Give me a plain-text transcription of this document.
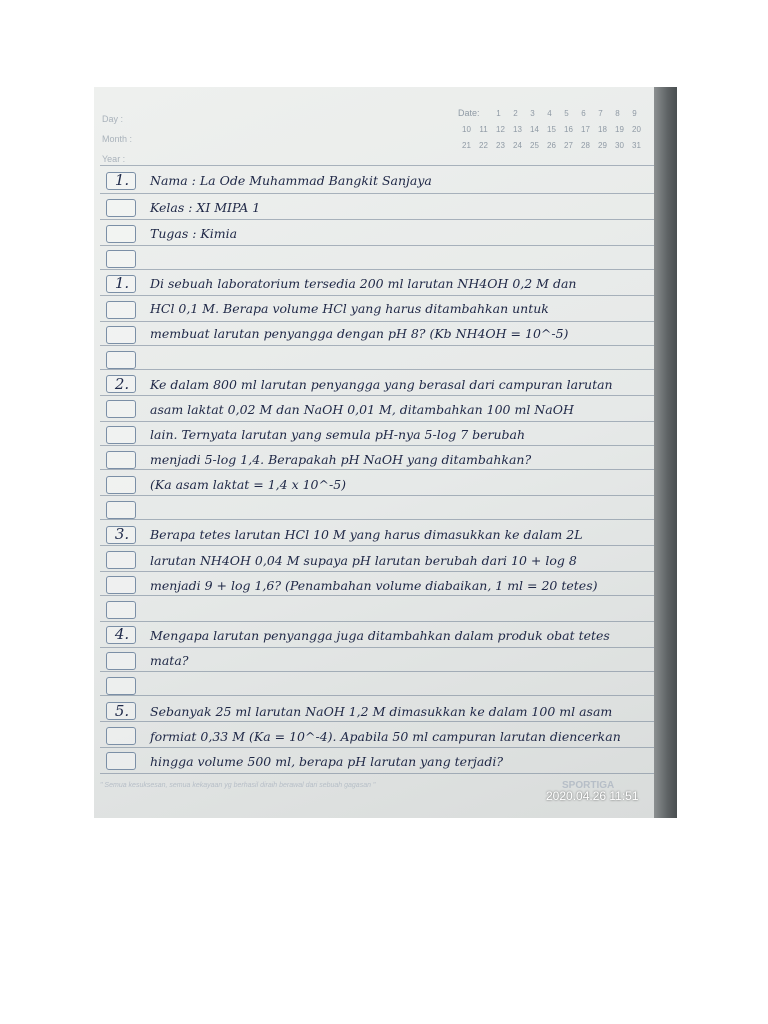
Day :
Month :
Year :
Date:	1	2	3	4	5	6	7	8	9
10	11	12	13	14	15	16	17	18	19	20
21	22	23	24	25	26	27	28	29	30	31
1.	Nama : La Ode Muhammad Bangkit Sanjaya
Kelas : XI MIPA 1
Tugas : Kimia
1.	Di sebuah laboratorium tersedia 200 ml larutan NH4OH 0,2 M dan
HCl 0,1 M. Berapa volume HCl yang harus ditambahkan untuk
membuat larutan penyangga dengan pH 8? (Kb NH4OH = 10^-5)
2.	Ke dalam 800 ml larutan penyangga yang berasal dari campuran larutan
asam laktat 0,02 M dan NaOH 0,01 M, ditambahkan 100 ml NaOH
lain. Ternyata larutan yang semula pH-nya 5-log 7 berubah
menjadi 5-log 1,4. Berapakah pH NaOH yang ditambahkan?
(Ka asam laktat = 1,4 x 10^-5)
3.	Berapa tetes larutan HCl 10 M yang harus dimasukkan ke dalam 2L
larutan NH4OH 0,04 M supaya pH larutan berubah dari 10 + log 8
menjadi 9 + log 1,6? (Penambahan volume diabaikan, 1 ml = 20 tetes)
4.	Mengapa larutan penyangga juga ditambahkan dalam produk obat tetes
mata?
5.	Sebanyak 25 ml larutan NaOH 1,2 M dimasukkan ke dalam 100 ml asam
formiat 0,33 M (Ka = 10^-4). Apabila 50 ml campuran larutan diencerkan
hingga volume 500 ml, berapa pH larutan yang terjadi?
" Semua kesuksesan, semua kekayaan yg berhasil diraih berawal dari sebuah gagasan "	SPORTIGA
2020.04.26 11:51
